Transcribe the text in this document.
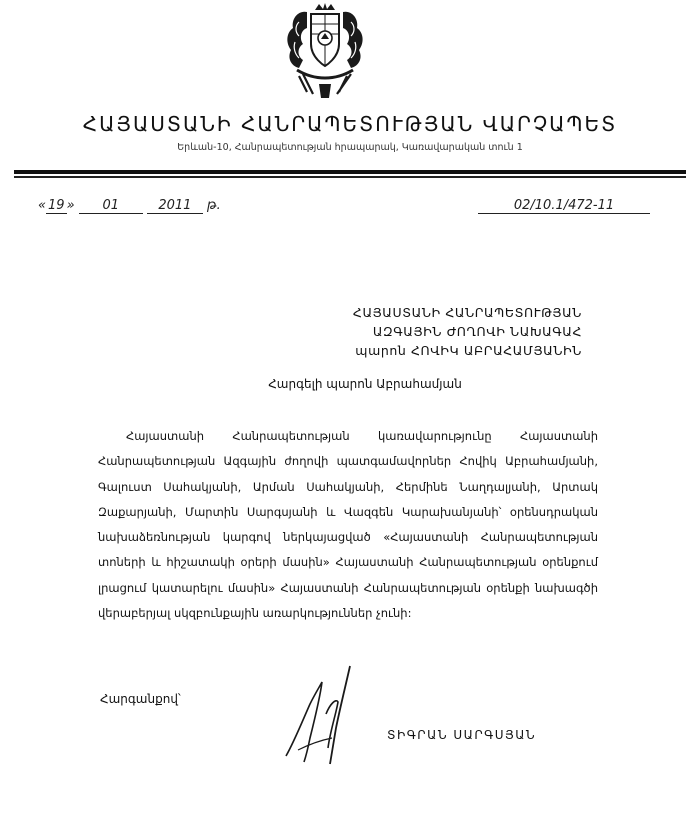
ՀԱՅԱՍՏԱՆԻ ՀԱՆՐԱՊԵՏՈՒԹՅԱՆ ՎԱՐՉԱՊԵՏ
Երևան-10, Հանրապետության հրապարակ, Կառավարական տուն 1
« 19 » 01	2011 թ.	02/10.1/472-11
ՀԱՅԱՍՏԱՆԻ ՀԱՆՐԱՊԵՏՈՒԹՅԱՆ
ԱԶԳԱՅԻՆ ԺՈՂՈՎԻ ՆԱԽԱԳԱՀ
պարոն ՀՈՎԻԿ ԱԲՐԱՀԱՄՅԱՆԻՆ
Հարգելի պարոն Աբրահամյան
Հայաստանի Հանրապետության կառավարությունը Հայաստանի Հանրապետության Ազգային ժողովի պատգամավորներ Հովիկ Աբրահամյանի, Գալուստ Սահակյանի, Արման Սահակյանի, Հերմինե Նաղդալյանի, Արտակ Զաքարյանի, Մարտին Սարգսյանի և Վազգեն Կարախանյանի՝ օրենսդրական նախաձեռնության կարգով ներկայացված «Հայաստանի Հանրապետության տոների և հիշատակի օրերի մասին» Հայաստանի Հանրապետության օրենքում լրացում կատարելու մասին» Հայաստանի Հանրապետության օրենքի նախագծի վերաբերյալ սկզբունքային առարկություններ չունի:
Հարգանքով՝
ՏԻԳՐԱՆ ՍԱՐԳՍՅԱՆ
